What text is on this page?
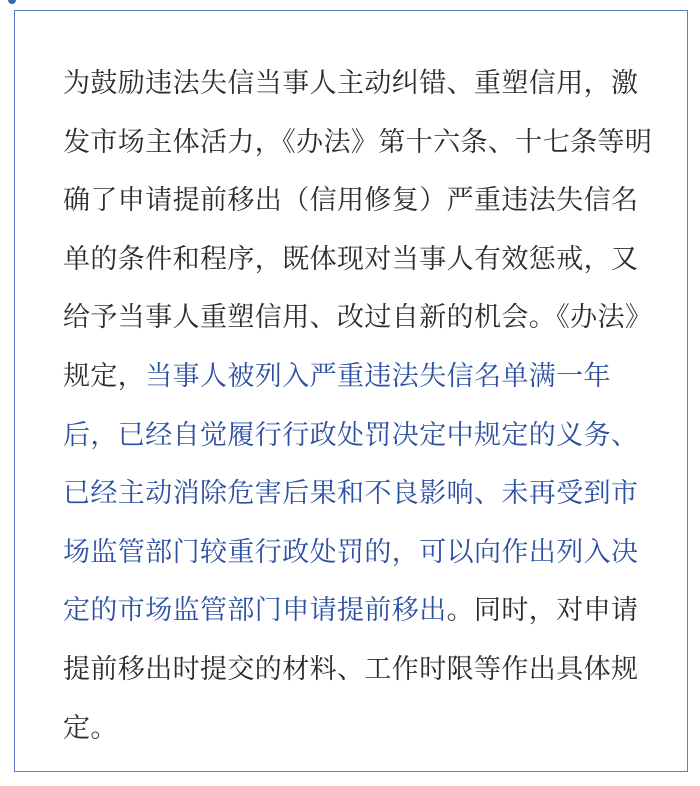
为鼓励违法失信当事人主动纠错、重塑信用，激发市场主体活力，《办法》第十六条、十七条等明确了申请提前移出（信用修复）严重违法失信名单的条件和程序，既体现对当事人有效惩戒，又给予当事人重塑信用、改过自新的机会。《办法》规定，当事人被列入严重违法失信名单满一年后，已经自觉履行行政处罚决定中规定的义务、已经主动消除危害后果和不良影响、未再受到市场监管部门较重行政处罚的，可以向作出列入决定的市场监管部门申请提前移出。同时，对申请提前移出时提交的材料、工作时限等作出具体规定。
